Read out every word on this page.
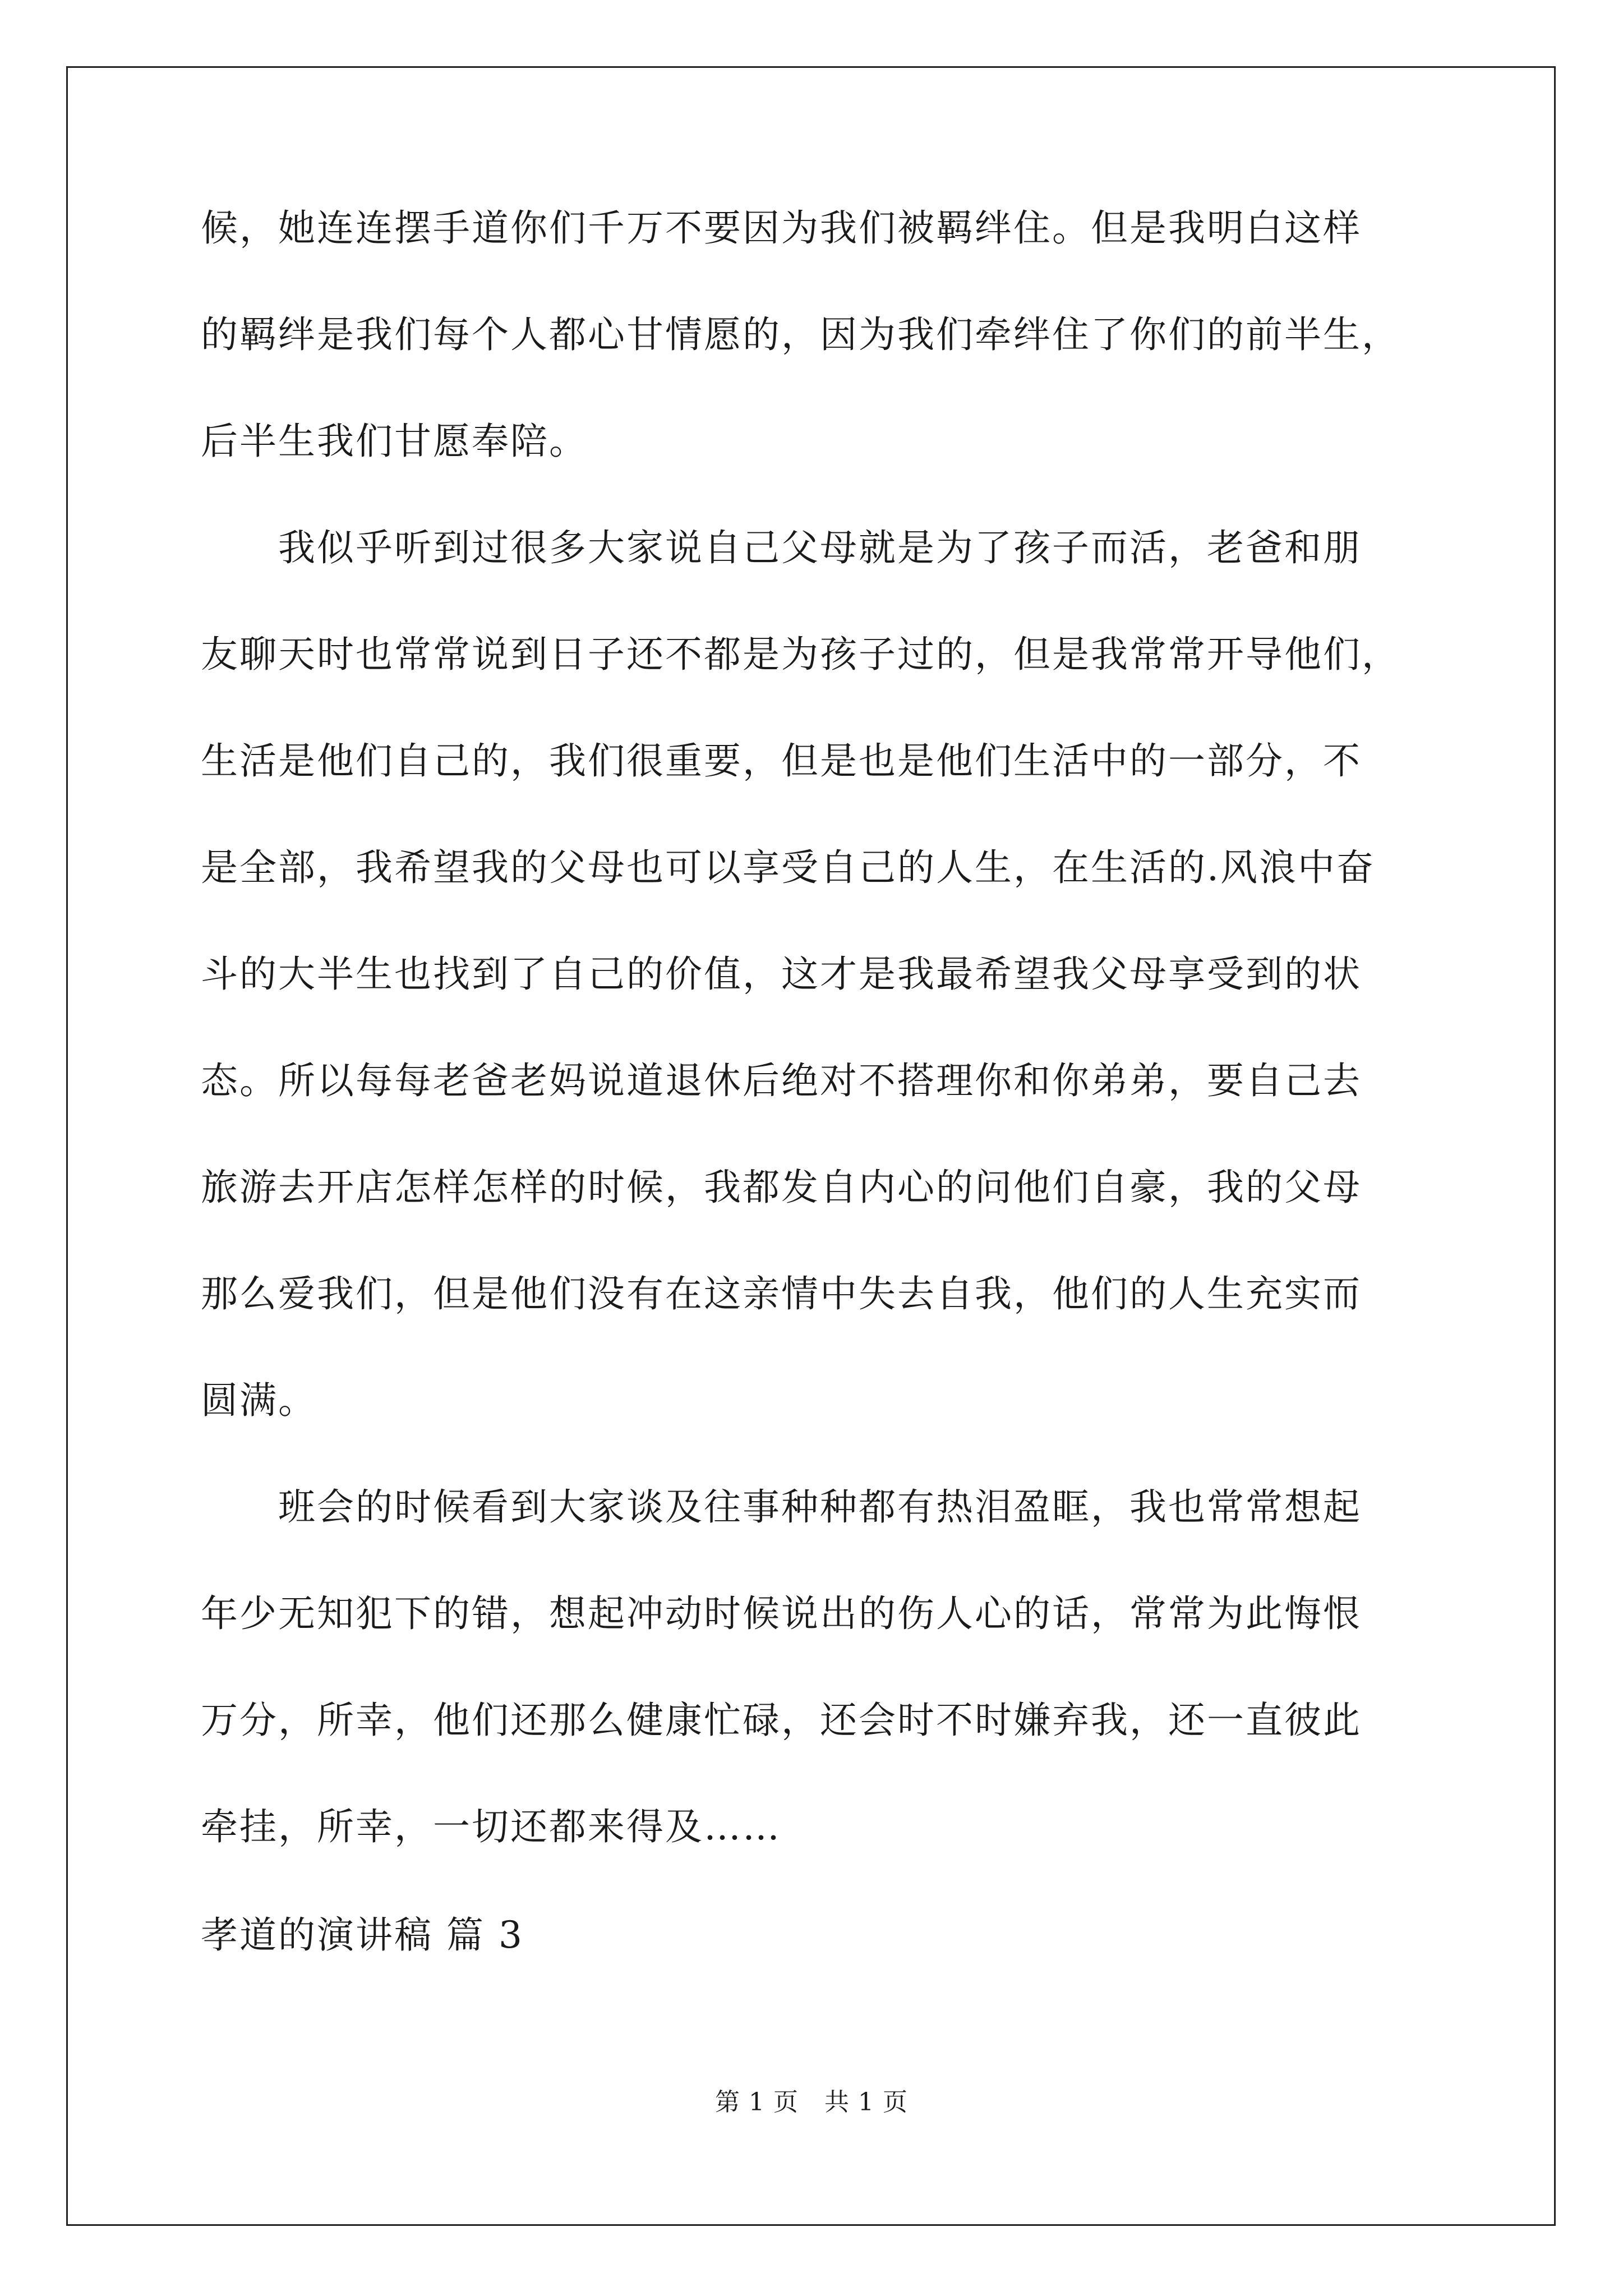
候，她连连摆手道你们千万不要因为我们被羁绊住。但是我明白这样
的羁绊是我们每个人都心甘情愿的，因为我们牵绊住了你们的前半生，
后半生我们甘愿奉陪。
　　我似乎听到过很多大家说自己父母就是为了孩子而活，老爸和朋
友聊天时也常常说到日子还不都是为孩子过的，但是我常常开导他们，
生活是他们自己的，我们很重要，但是也是他们生活中的一部分，不
是全部，我希望我的父母也可以享受自己的人生，在生活的.风浪中奋
斗的大半生也找到了自己的价值，这才是我最希望我父母享受到的状
态。所以每每老爸老妈说道退休后绝对不搭理你和你弟弟，要自己去
旅游去开店怎样怎样的时候，我都发自内心的问他们自豪，我的父母
那么爱我们，但是他们没有在这亲情中失去自我，他们的人生充实而
圆满。
　　班会的时候看到大家谈及往事种种都有热泪盈眶，我也常常想起
年少无知犯下的错，想起冲动时候说出的伤人心的话，常常为此悔恨
万分，所幸，他们还那么健康忙碌，还会时不时嫌弃我，还一直彼此
牵挂，所幸，一切还都来得及……
孝道的演讲稿 篇 3
第 1 页 共 1 页
